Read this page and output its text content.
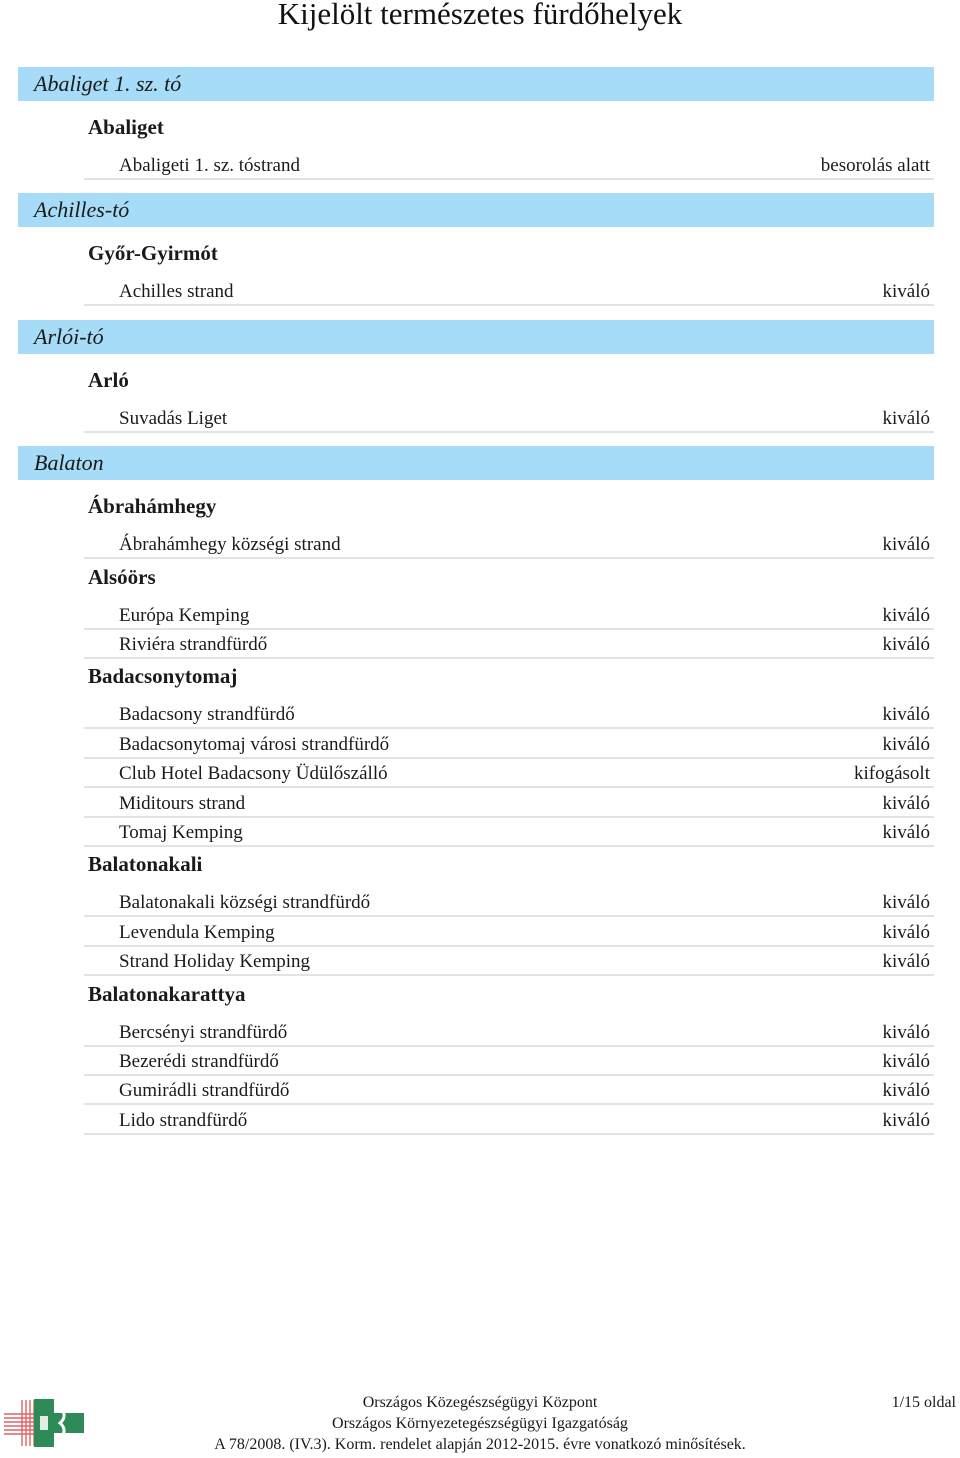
Kijelölt természetes fürdőhelyek
Abaliget 1. sz. tó
Abaliget
Abaligeti 1. sz. tóstrand	besorolás alatt
Achilles-tó
Győr-Gyirmót
Achilles strand	kiváló
Arlói-tó
Arló
Suvadás Liget	kiváló
Balaton
Ábrahámhegy
Ábrahámhegy községi strand	kiváló
Alsóörs
Európa Kemping	kiváló
Riviéra strandfürdő	kiváló
Badacsonytomaj
Badacsony strandfürdő	kiváló
Badacsonytomaj városi strandfürdő	kiváló
Club Hotel Badacsony Üdülőszálló	kifogásolt
Miditours strand	kiváló
Tomaj Kemping	kiváló
Balatonakali
Balatonakali községi strandfürdő	kiváló
Levendula Kemping	kiváló
Strand Holiday Kemping	kiváló
Balatonakarattya
Bercsényi strandfürdő	kiváló
Bezerédi strandfürdő	kiváló
Gumirádli strandfürdő	kiváló
Lido strandfürdő	kiváló
Országos Közegészségügyi Központ
Országos Környezetegészségügyi Igazgatóság
A 78/2008. (IV.3). Korm. rendelet alapján 2012-2015. évre vonatkozó minősítések.
1/15 oldal
